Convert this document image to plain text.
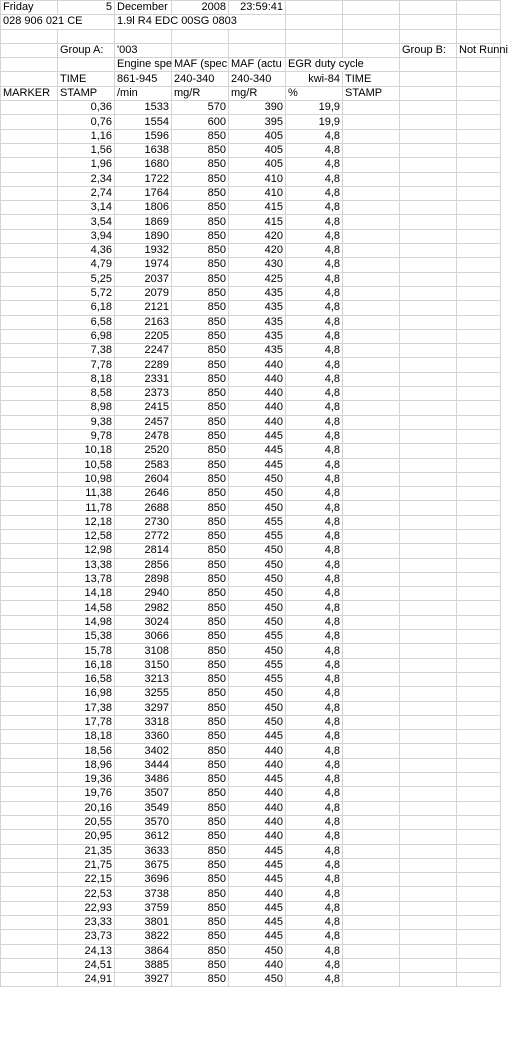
Friday	5	December	2008	23:59:41				
028 906 021 CE		1.9l R4 EDC 00SG 0803						

	Group A:	'003					Group B:	Not Runni
		Engine spe	MAF (spec	MAF (actu	EGR duty cycle			
	TIME	861-945	240-340	240-340	kwi-84	TIME		
MARKER	STAMP	/min	mg/R	mg/R	%	STAMP		
	0,36	1533	570	390	19,9			
	0,76	1554	600	395	19,9			
	1,16	1596	850	405	4,8			
	1,56	1638	850	405	4,8			
	1,96	1680	850	405	4,8			
	2,34	1722	850	410	4,8			
	2,74	1764	850	410	4,8			
	3,14	1806	850	415	4,8			
	3,54	1869	850	415	4,8			
	3,94	1890	850	420	4,8			
	4,36	1932	850	420	4,8			
	4,79	1974	850	430	4,8			
	5,25	2037	850	425	4,8			
	5,72	2079	850	435	4,8			
	6,18	2121	850	435	4,8			
	6,58	2163	850	435	4,8			
	6,98	2205	850	435	4,8			
	7,38	2247	850	435	4,8			
	7,78	2289	850	440	4,8			
	8,18	2331	850	440	4,8			
	8,58	2373	850	440	4,8			
	8,98	2415	850	440	4,8			
	9,38	2457	850	440	4,8			
	9,78	2478	850	445	4,8			
	10,18	2520	850	445	4,8			
	10,58	2583	850	445	4,8			
	10,98	2604	850	450	4,8			
	11,38	2646	850	450	4,8			
	11,78	2688	850	450	4,8			
	12,18	2730	850	455	4,8			
	12,58	2772	850	455	4,8			
	12,98	2814	850	450	4,8			
	13,38	2856	850	450	4,8			
	13,78	2898	850	450	4,8			
	14,18	2940	850	450	4,8			
	14,58	2982	850	450	4,8			
	14,98	3024	850	450	4,8			
	15,38	3066	850	455	4,8			
	15,78	3108	850	450	4,8			
	16,18	3150	850	455	4,8			
	16,58	3213	850	455	4,8			
	16,98	3255	850	450	4,8			
	17,38	3297	850	450	4,8			
	17,78	3318	850	450	4,8			
	18,18	3360	850	445	4,8			
	18,56	3402	850	440	4,8			
	18,96	3444	850	440	4,8			
	19,36	3486	850	445	4,8			
	19,76	3507	850	440	4,8			
	20,16	3549	850	440	4,8			
	20,55	3570	850	440	4,8			
	20,95	3612	850	440	4,8			
	21,35	3633	850	445	4,8			
	21,75	3675	850	445	4,8			
	22,15	3696	850	445	4,8			
	22,53	3738	850	440	4,8			
	22,93	3759	850	445	4,8			
	23,33	3801	850	445	4,8			
	23,73	3822	850	445	4,8			
	24,13	3864	850	450	4,8			
	24,51	3885	850	440	4,8			
	24,91	3927	850	450	4,8			
